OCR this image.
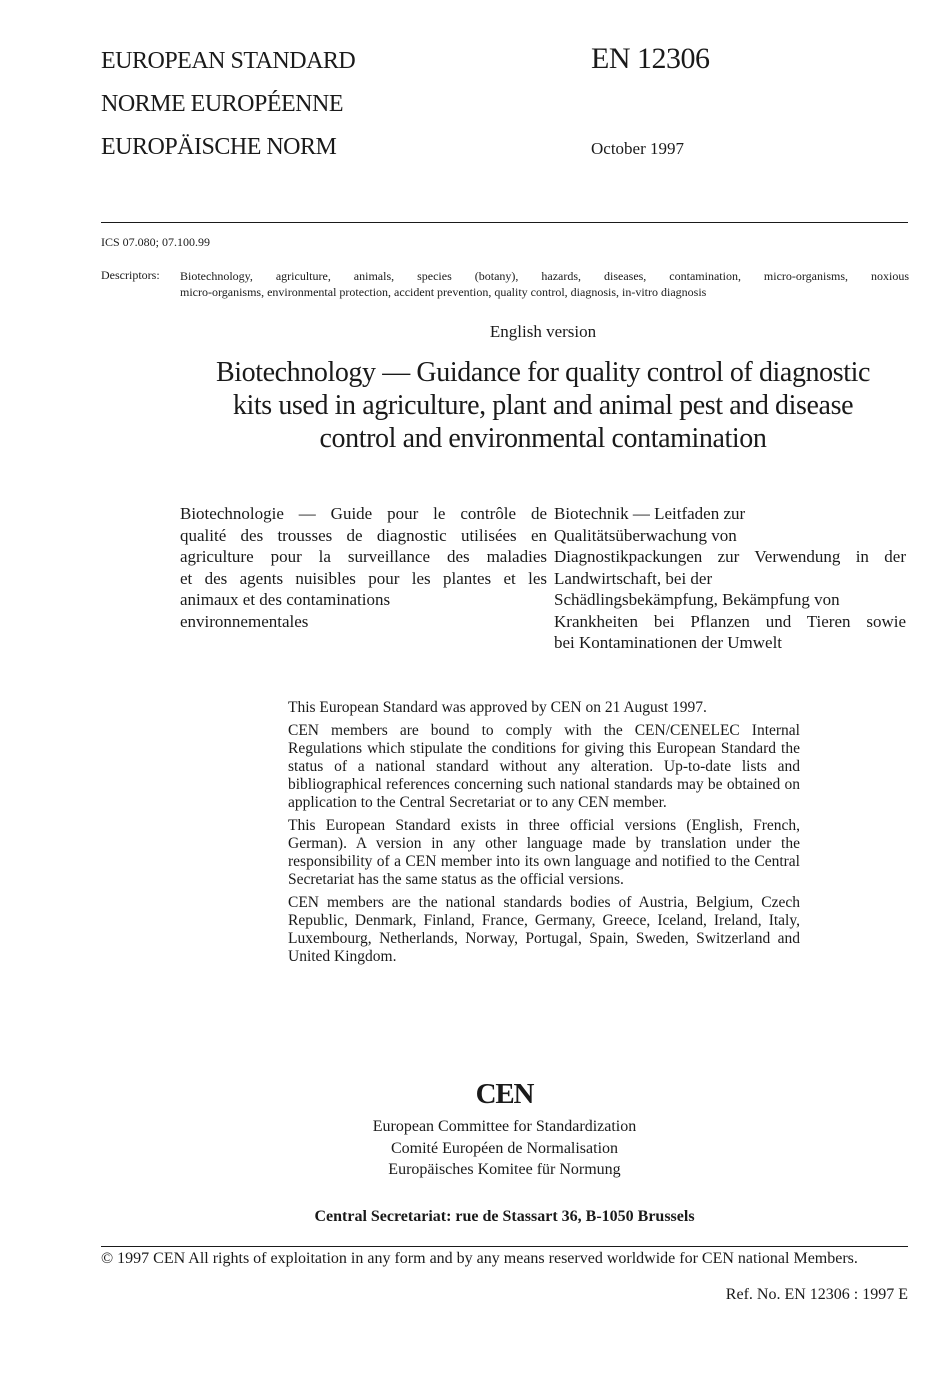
EUROPEAN STANDARD
NORME EUROPÉENNE
EUROPÄISCHE NORM
EN 12306
October 1997
ICS 07.080; 07.100.99
Descriptors: Biotechnology, agriculture, animals, species (botany), hazards, diseases, contamination, micro-organisms, noxious
micro-organisms, environmental protection, accident prevention, quality control, diagnosis, in-vitro diagnosis
English version
Biotechnology — Guidance for quality control of diagnostic
kits used in agriculture, plant and animal pest and disease
control and environmental contamination
Biotechnologie — Guide pour le contrôle de
qualité des trousses de diagnostic utilisées en
agriculture pour la surveillance des maladies
et des agents nuisibles pour les plantes et les
animaux et des contaminations
environnementales
Biotechnik — Leitfaden zur
Qualitätsüberwachung von
Diagnostikpackungen zur Verwendung in der
Landwirtschaft, bei der
Schädlingsbekämpfung, Bekämpfung von
Krankheiten bei Pflanzen und Tieren sowie
bei Kontaminationen der Umwelt

This European Standard was approved by CEN on 21 August 1997.

CEN members are bound to comply with the CEN/CENELEC Internal Regulations which stipulate the conditions for giving this European Standard the status of a national standard without any alteration. Up-to-date lists and bibliographical references concerning such national standards may be obtained on application to the Central Secretariat or to any CEN member.

This European Standard exists in three official versions (English, French, German). A version in any other language made by translation under the responsibility of a CEN member into its own language and notified to the Central Secretariat has the same status as the official versions.

CEN members are the national standards bodies of Austria, Belgium, Czech Republic, Denmark, Finland, France, Germany, Greece, Iceland, Ireland, Italy, Luxembourg, Netherlands, Norway, Portugal, Spain, Sweden, Switzerland and United Kingdom.

CEN
European Committee for Standardization
Comité Européen de Normalisation
Europäisches Komitee für Normung
Central Secretariat: rue de Stassart 36, B-1050 Brussels
© 1997 CEN All rights of exploitation in any form and by any means reserved worldwide for CEN national Members.
Ref. No. EN 12306 : 1997 E
